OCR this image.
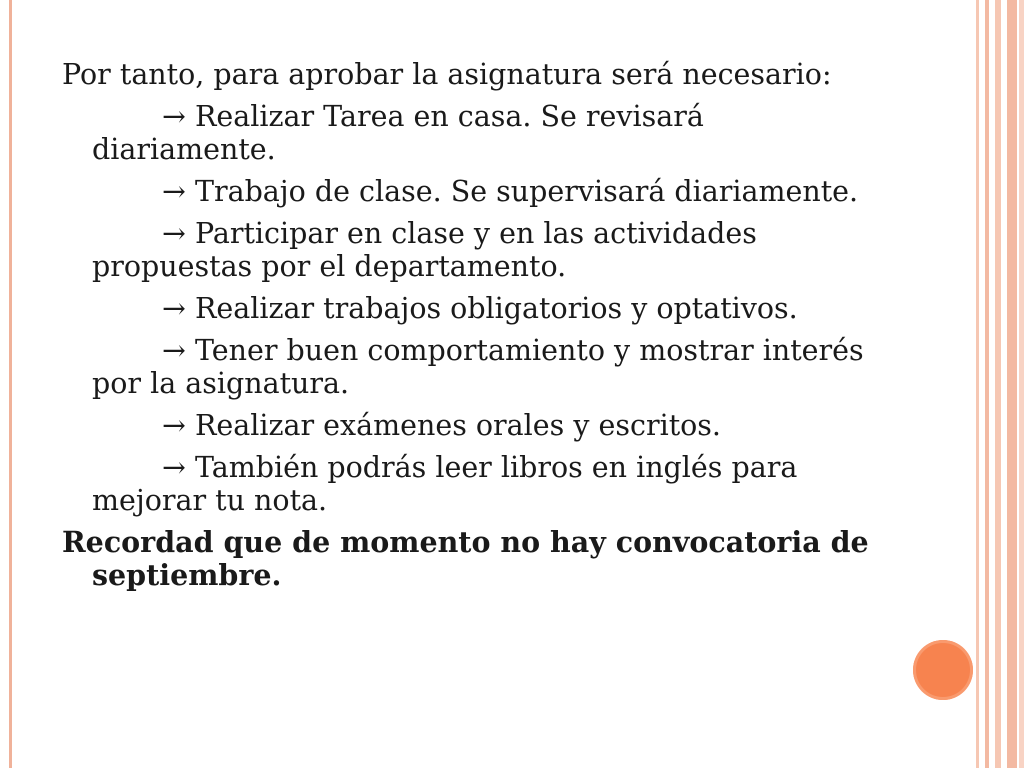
Por tanto, para aprobar la asignatura será necesario:

→ Realizar Tarea en casa. Se revisará diariamente.

→ Trabajo de clase. Se supervisará diariamente.

→ Participar en clase y en las actividades propuestas por el departamento.

→ Realizar trabajos obligatorios y optativos.

→ Tener buen comportamiento y mostrar interés por la asignatura.

→ Realizar exámenes orales y escritos.

→ También podrás leer libros en inglés para mejorar tu nota.

Recordad que de momento no hay convocatoria de septiembre.
